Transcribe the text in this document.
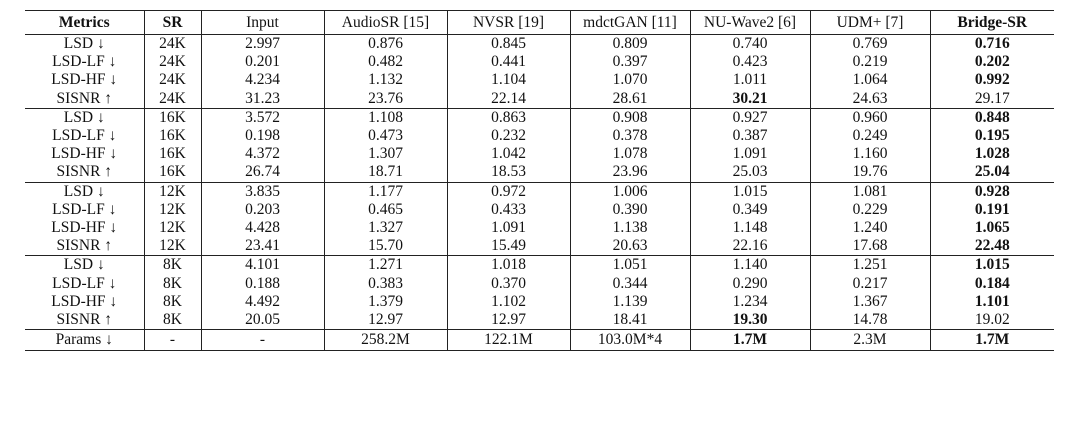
Metrics	SR	Input	AudioSR [15]	NVSR [19]	mdctGAN [11]	NU-Wave2 [6]	UDM+ [7]	Bridge-SR
LSD ↓	24K	2.997	0.876	0.845	0.809	0.740	0.769	0.716
LSD-LF ↓	24K	0.201	0.482	0.441	0.397	0.423	0.219	0.202
LSD-HF ↓	24K	4.234	1.132	1.104	1.070	1.011	1.064	0.992
SISNR ↑	24K	31.23	23.76	22.14	28.61	30.21	24.63	29.17
LSD ↓	16K	3.572	1.108	0.863	0.908	0.927	0.960	0.848
LSD-LF ↓	16K	0.198	0.473	0.232	0.378	0.387	0.249	0.195
LSD-HF ↓	16K	4.372	1.307	1.042	1.078	1.091	1.160	1.028
SISNR ↑	16K	26.74	18.71	18.53	23.96	25.03	19.76	25.04
LSD ↓	12K	3.835	1.177	0.972	1.006	1.015	1.081	0.928
LSD-LF ↓	12K	0.203	0.465	0.433	0.390	0.349	0.229	0.191
LSD-HF ↓	12K	4.428	1.327	1.091	1.138	1.148	1.240	1.065
SISNR ↑	12K	23.41	15.70	15.49	20.63	22.16	17.68	22.48
LSD ↓	8K	4.101	1.271	1.018	1.051	1.140	1.251	1.015
LSD-LF ↓	8K	0.188	0.383	0.370	0.344	0.290	0.217	0.184
LSD-HF ↓	8K	4.492	1.379	1.102	1.139	1.234	1.367	1.101
SISNR ↑	8K	20.05	12.97	12.97	18.41	19.30	14.78	19.02
Params ↓	-	-	258.2M	122.1M	103.0M*4	1.7M	2.3M	1.7M
